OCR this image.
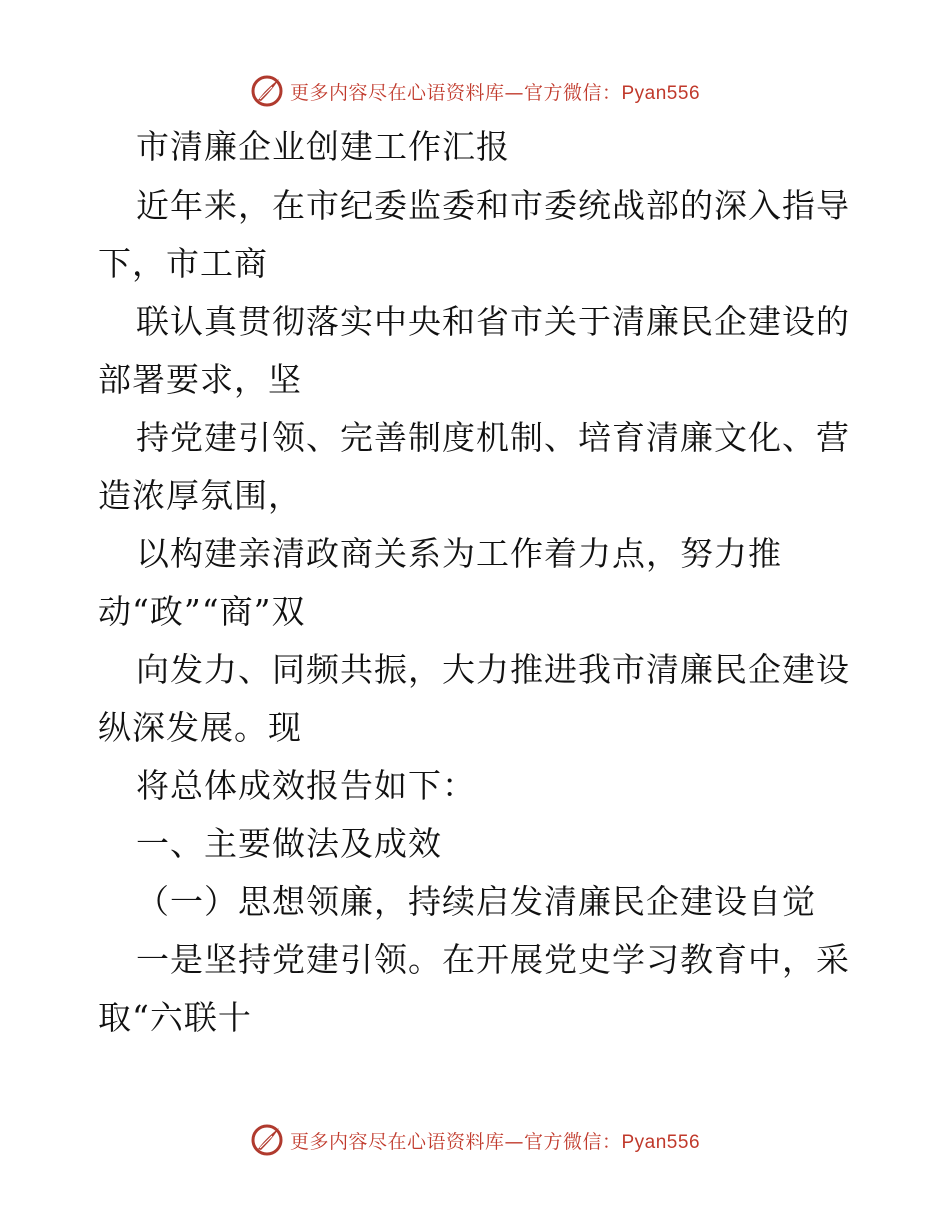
更多内容尽在心语资料库—官方微信：Pyan556
市清廉企业创建工作汇报
近年来，在市纪委监委和市委统战部的深入指导
下，市工商
联认真贯彻落实中央和省市关于清廉民企建设的
部署要求，坚
持党建引领、完善制度机制、培育清廉文化、营
造浓厚氛围，
以构建亲清政商关系为工作着力点，努力推
动“政”“商”双
向发力、同频共振，大力推进我市清廉民企建设
纵深发展。现
将总体成效报告如下：
一、主要做法及成效
（一）思想领廉，持续启发清廉民企建设自觉
一是坚持党建引领。在开展党史学习教育中，采
取“六联十
更多内容尽在心语资料库—官方微信：Pyan556
